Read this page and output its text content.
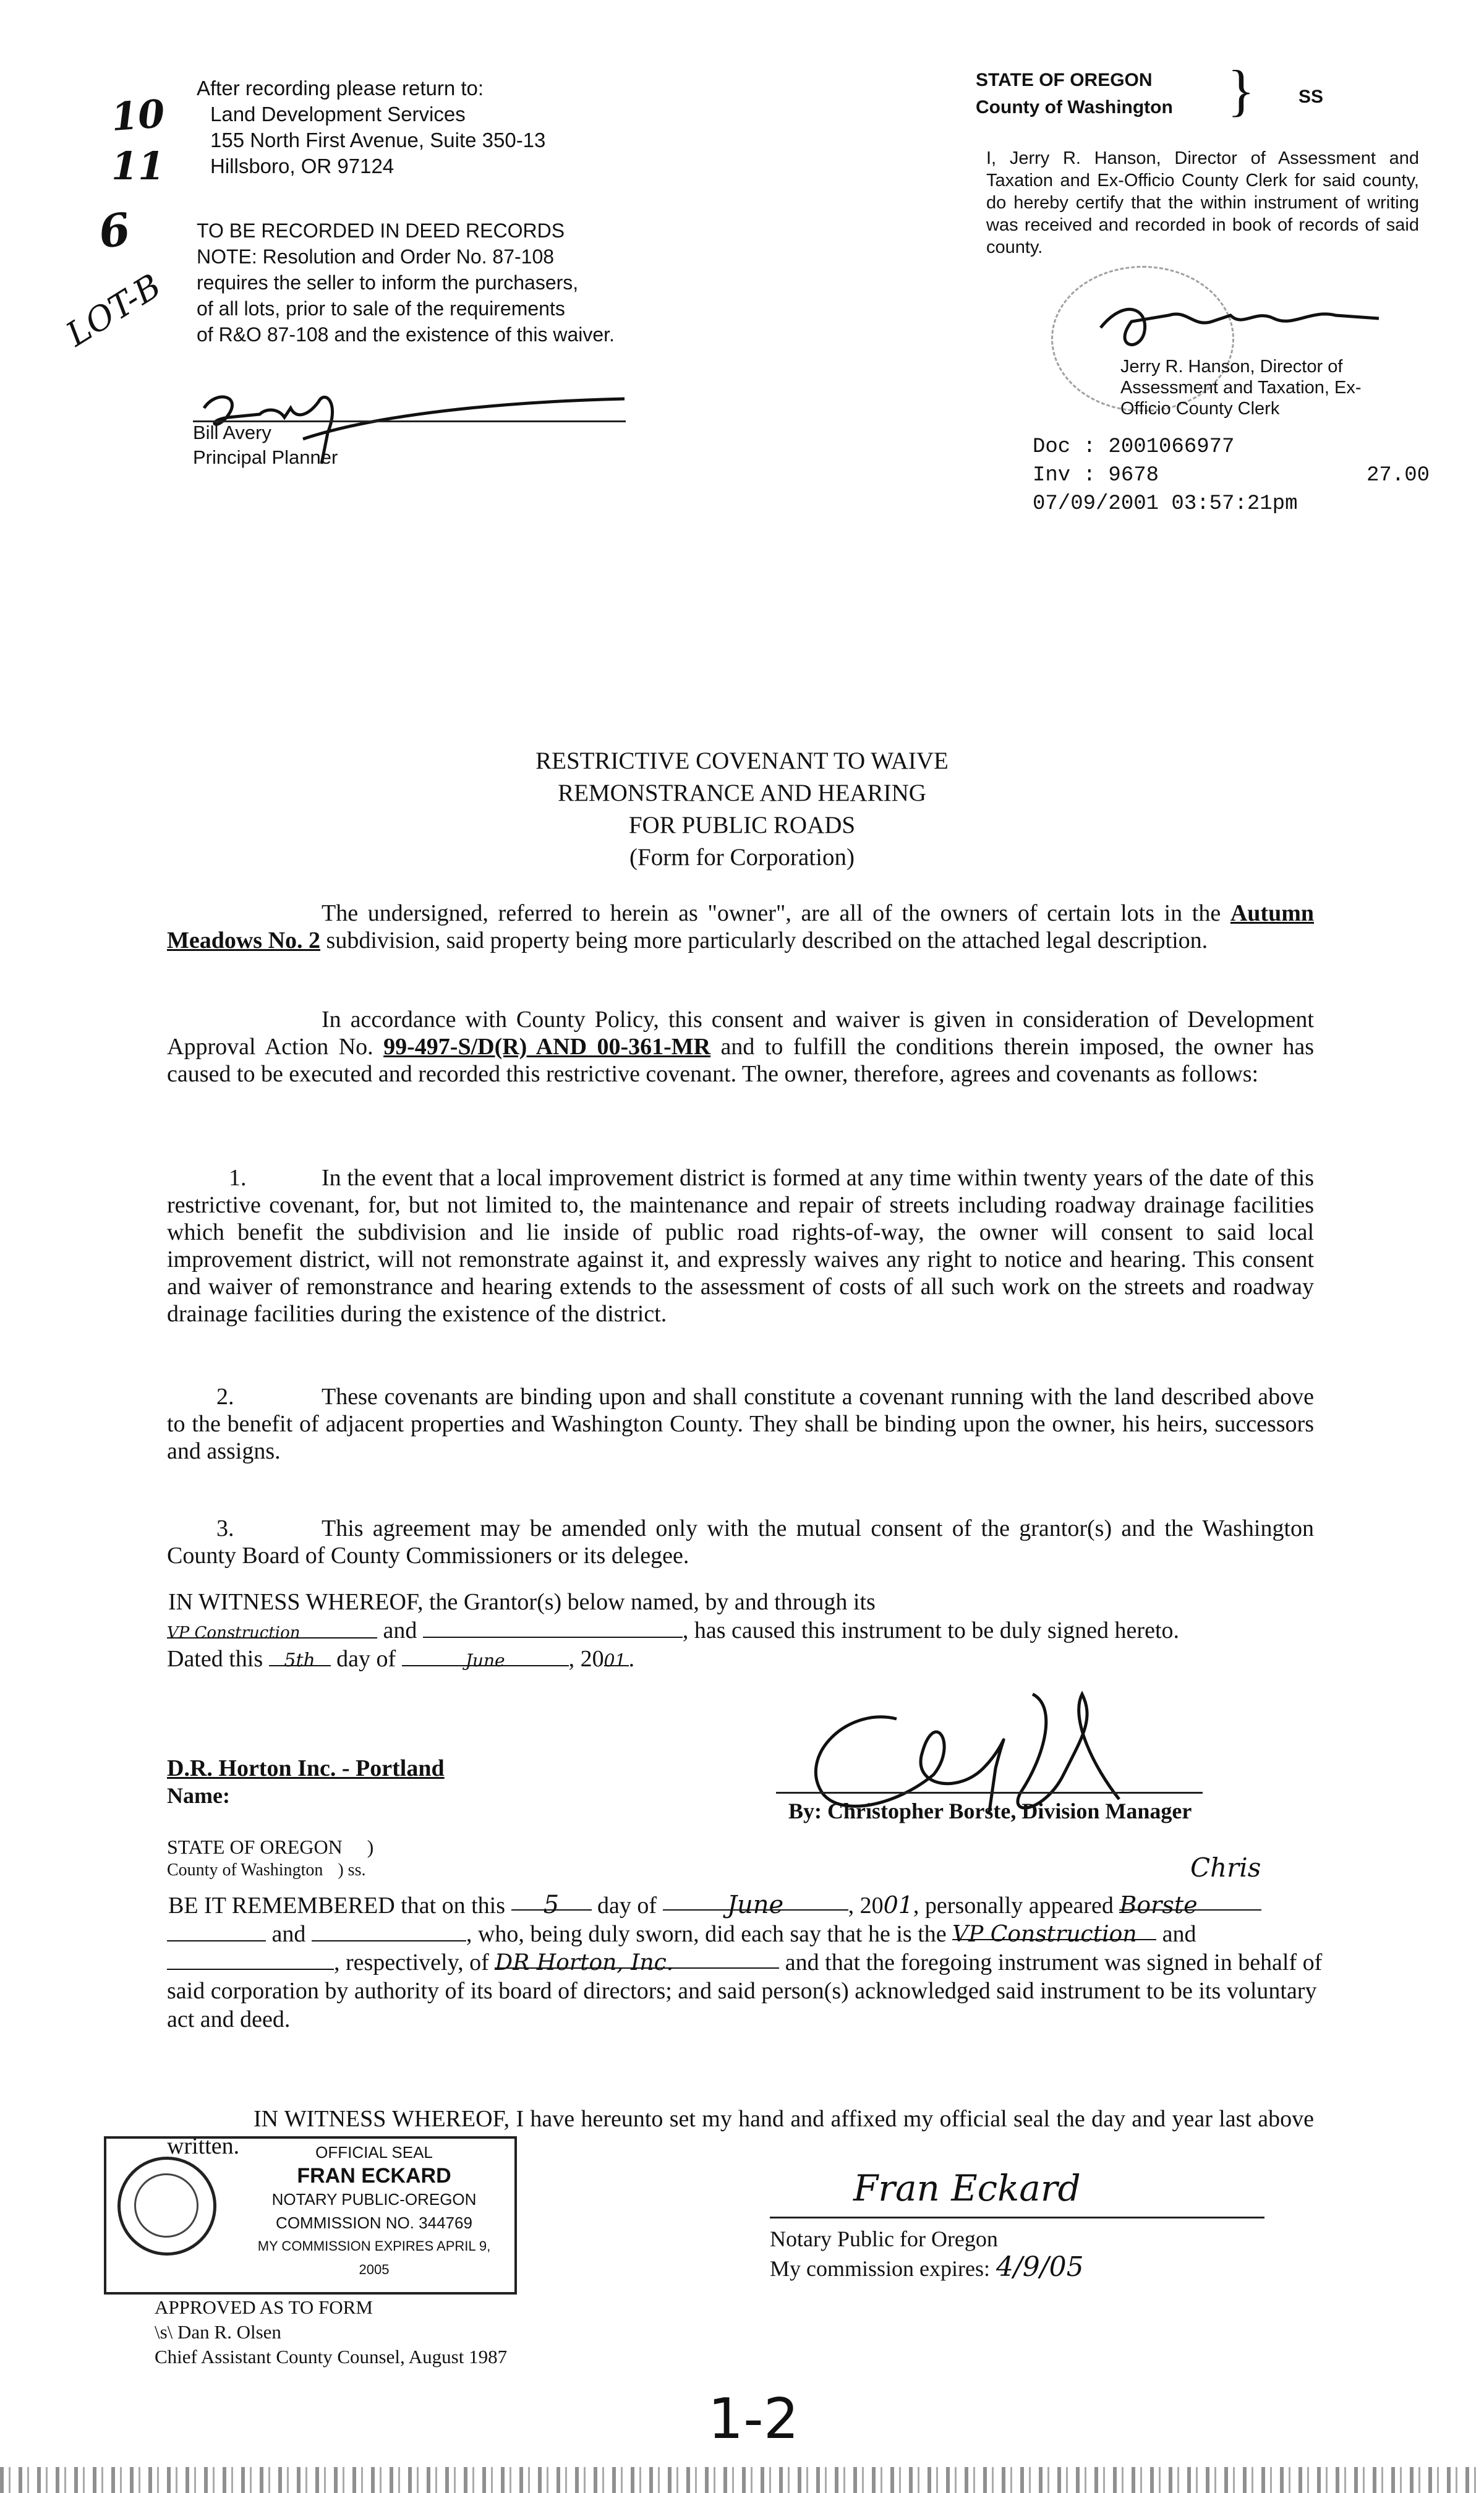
10
11
6
LOT-B
After recording please return to:

Land Development Services
155 North First Avenue, Suite 350-13
Hillsboro, OR 97124
TO BE RECORDED IN DEED RECORDS
NOTE: Resolution and Order No. 87-108
requires the seller to inform the purchasers,
of all lots, prior to sale of the requirements
of R&O 87-108 and the existence of this waiver.
Bill Avery
Principal Planner
STATE OF OREGON
County of Washington } SS
I, Jerry R. Hanson, Director of Assessment and Taxation and Ex-Officio County Clerk for said county, do hereby certify that the within instrument of writing was received and recorded in book of records of said county.
Jerry R. Hanson, Director of
Assessment and Taxation, Ex-
Officio County Clerk
Doc : 2001066977
Inv : 9678
07/09/2001 03:57:21pm
27.00
RESTRICTIVE COVENANT TO WAIVE
REMONSTRANCE AND HEARING
FOR PUBLIC ROADS
(Form for Corporation)
The undersigned, referred to herein as "owner", are all of the owners of certain lots in the Autumn Meadows No. 2 subdivision, said property being more particularly described on the attached legal description.
In accordance with County Policy, this consent and waiver is given in consideration of Development Approval Action No. 99-497-S/D(R) AND 00-361-MR and to fulfill the conditions therein imposed, the owner has caused to be executed and recorded this restrictive covenant. The owner, therefore, agrees and covenants as follows:
1.	In the event that a local improvement district is formed at any time within twenty years of the date of this restrictive covenant, for, but not limited to, the maintenance and repair of streets including roadway drainage facilities which benefit the subdivision and lie inside of public road rights-of-way, the owner will consent to said local improvement district, will not remonstrate against it, and expressly waives any right to notice and hearing. This consent and waiver of remonstrance and hearing extends to the assessment of costs of all such work on the streets and roadway drainage facilities during the existence of the district.
2.	These covenants are binding upon and shall constitute a covenant running with the land described above to the benefit of adjacent properties and Washington County. They shall be binding upon the owner, his heirs, successors and assigns.
3.	This agreement may be amended only with the mutual consent of the grantor(s) and the Washington County Board of County Commissioners or its delegee.
IN WITNESS WHEREOF, the Grantor(s) below named, by and through its
VP Construction	and	, has caused this instrument to be duly signed hereto.
Dated this 5th day of	June	, 2001 .
D.R. Horton Inc. - Portland
Name:
By: Christopher Borste, Division Manager
STATE OF OREGON )
County of Washington ) ss.
BE IT REMEMBERED that on this 5 day of	June	, 2001, personally appeared
Chris
Borste
and	, who, being duly sworn, did each say that he is the VP Construction and
, respectively, of DR Horton, Inc.	and that the foregoing instrument was signed in behalf of said corporation by authority of its board of directors; and said person(s) acknowledged said instrument to be its voluntary act and deed.
IN WITNESS WHEREOF, I have hereunto set my hand and affixed my official seal the day and year last above written.
Fran Eckard
Notary Public for Oregon
My commission expires: 4/9/05
OFFICIAL SEAL
FRAN ECKARD
NOTARY PUBLIC-OREGON
COMMISSION NO. 344769
MY COMMISSION EXPIRES APRIL 9, 2005
APPROVED AS TO FORM
\s\ Dan R. Olsen
Chief Assistant County Counsel, August 1987
1-2
